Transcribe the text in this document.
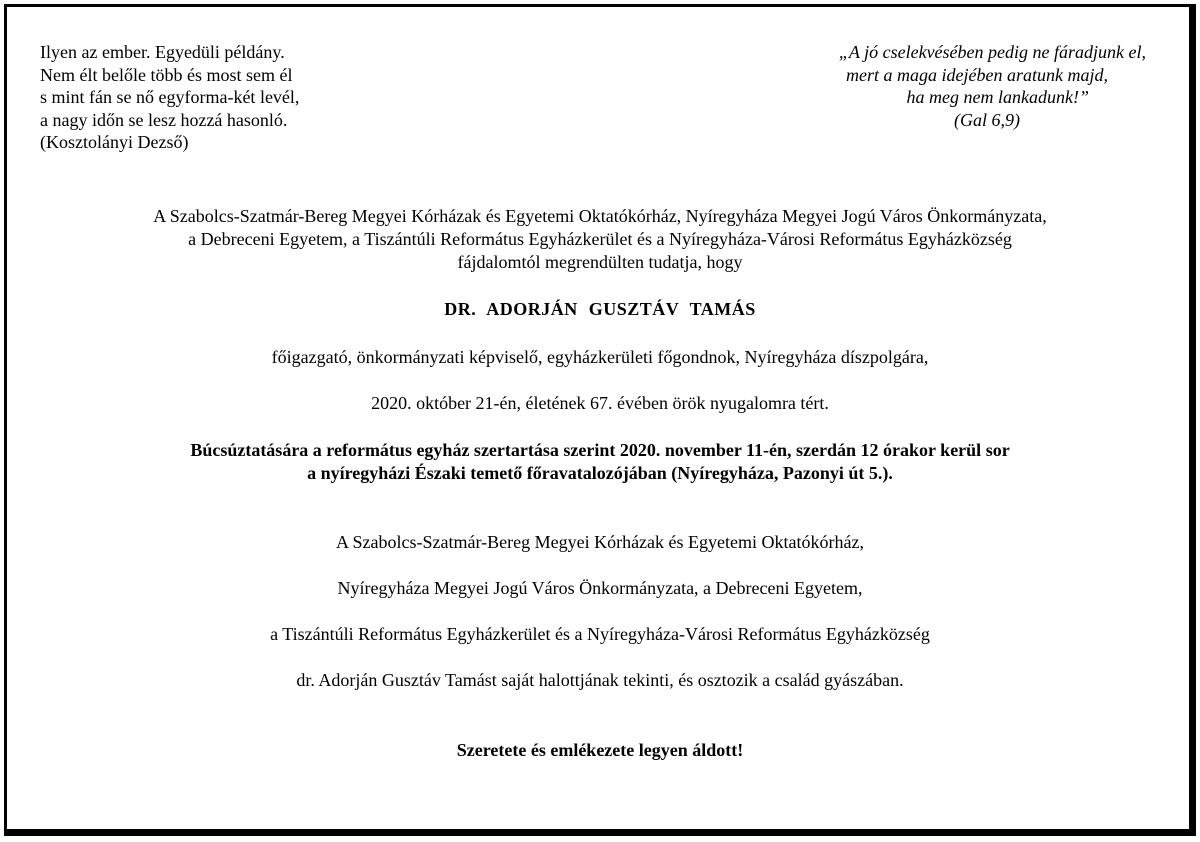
Ilyen az ember. Egyedüli példány.
Nem élt belőle több és most sem él
s mint fán se nő egyforma-két levél,
a nagy időn se lesz hozzá hasonló.
(Kosztolányi Dezső)
„A jó cselekvésében pedig ne fáradjunk el,
mert a maga idejében aratunk majd,
ha meg nem lankadunk!”
(Gal 6,9)
A Szabolcs-Szatmár-Bereg Megyei Kórházak és Egyetemi Oktatókórház, Nyíregyháza Megyei Jogú Város Önkormányzata,
a Debreceni Egyetem, a Tiszántúli Református Egyházkerület és a Nyíregyháza-Városi Református Egyházközség
fájdalomtól megrendülten tudatja, hogy
DR. ADORJÁN GUSZTÁV TAMÁS
főigazgató, önkormányzati képviselő, egyházkerületi főgondnok, Nyíregyháza díszpolgára,
2020. október 21-én, életének 67. évében örök nyugalomra tért.
Búcsúztatására a református egyház szertartása szerint 2020. november 11-én, szerdán 12 órakor kerül sor
a nyíregyházi Északi temető főravatalozójában (Nyíregyháza, Pazonyi út 5.).
A Szabolcs-Szatmár-Bereg Megyei Kórházak és Egyetemi Oktatókórház,
Nyíregyháza Megyei Jogú Város Önkormányzata, a Debreceni Egyetem,
a Tiszántúli Református Egyházkerület és a Nyíregyháza-Városi Református Egyházközség
dr. Adorján Gusztáv Tamást saját halottjának tekinti, és osztozik a család gyászában.
Szeretete és emlékezete legyen áldott!
